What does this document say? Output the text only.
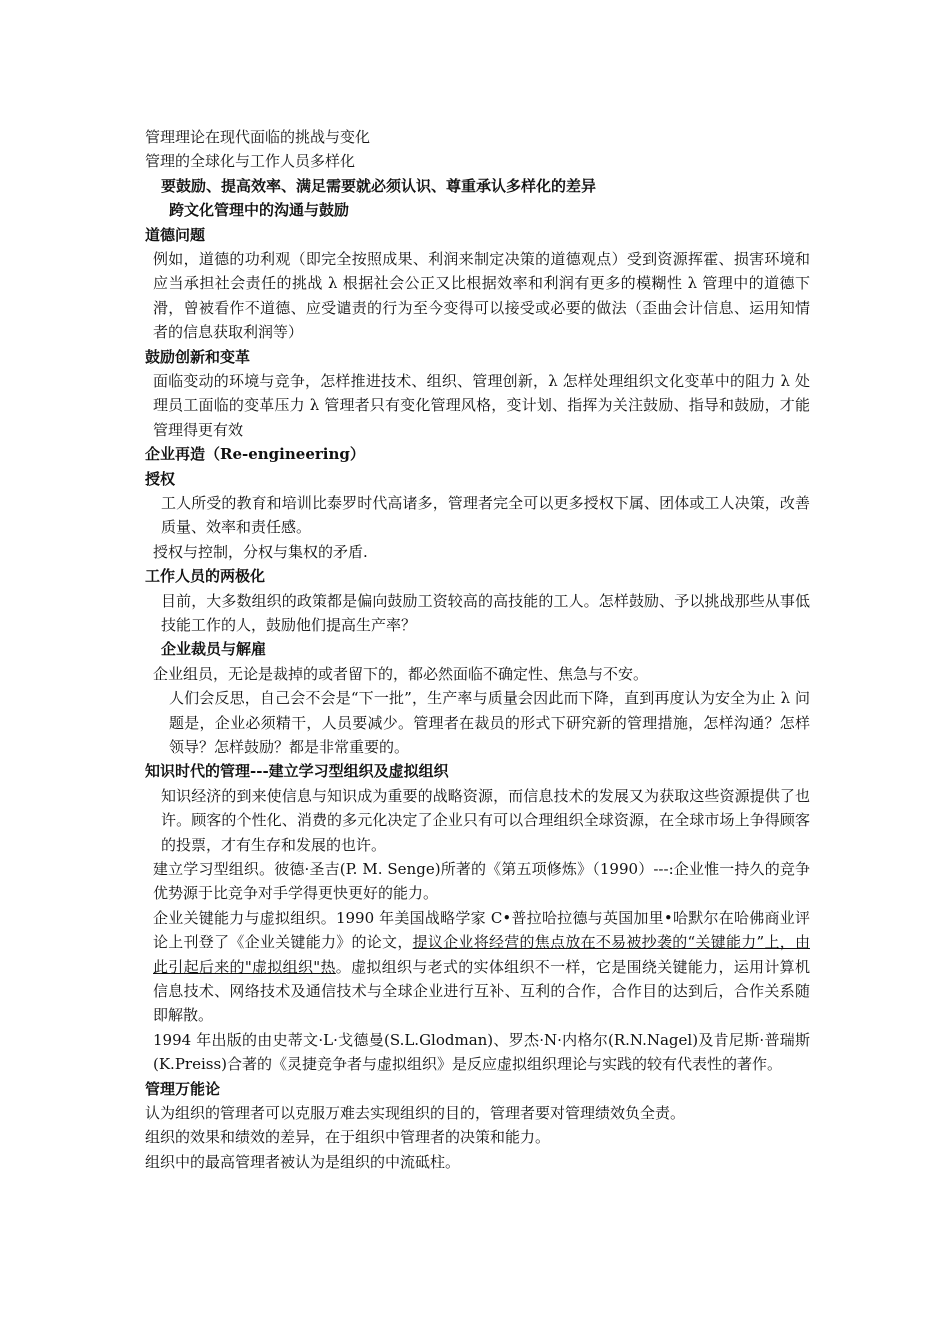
管理理论在现代面临的挑战与变化
管理的全球化与工作人员多样化
要鼓励、提高效率、满足需要就必须认识、尊重承认多样化的差异
跨文化管理中的沟通与鼓励
道德问题
例如，道德的功利观（即完全按照成果、利润来制定决策的道德观点）受到资源挥霍、损害环境和应当承担社会责任的挑战 λ 根据社会公正又比根据效率和利润有更多的模糊性 λ 管理中的道德下滑，曾被看作不道德、应受谴责的行为至今变得可以接受或必要的做法（歪曲会计信息、运用知情者的信息获取利润等）
鼓励创新和变革
面临变动的环境与竞争，怎样推进技术、组织、管理创新，λ 怎样处理组织文化变革中的阻力 λ 处理员工面临的变革压力 λ 管理者只有变化管理风格，变计划、指挥为关注鼓励、指导和鼓励，才能管理得更有效
企业再造（Re-engineering）
授权
工人所受的教育和培训比泰罗时代高诸多，管理者完全可以更多授权下属、团体或工人决策，改善质量、效率和责任感。
授权与控制，分权与集权的矛盾.
工作人员的两极化
目前，大多数组织的政策都是偏向鼓励工资较高的高技能的工人。怎样鼓励、予以挑战那些从事低技能工作的人，鼓励他们提高生产率？
企业裁员与解雇
企业组员，无论是裁掉的或者留下的，都必然面临不确定性、焦急与不安。
人们会反思，自己会不会是“下一批”，生产率与质量会因此而下降，直到再度认为安全为止 λ 问题是，企业必须精干，人员要减少。管理者在裁员的形式下研究新的管理措施，怎样沟通？怎样领导？怎样鼓励？都是非常重要的。
知识时代的管理---建立学习型组织及虚拟组织
知识经济的到来使信息与知识成为重要的战略资源，而信息技术的发展又为获取这些资源提供了也许。顾客的个性化、消费的多元化决定了企业只有可以合理组织全球资源，在全球市场上争得顾客的投票，才有生存和发展的也许。
建立学习型组织。彼德·圣吉(P. M. Senge)所著的《第五项修炼》（1990）---:企业惟一持久的竞争优势源于比竞争对手学得更快更好的能力。
企业关键能力与虚拟组织。1990 年美国战略学家 C•普拉哈拉德与英国加里•哈默尔在哈佛商业评论上刊登了《企业关键能力》的论文，提议企业将经营的焦点放在不易被抄袭的“关键能力”上，由此引起后来的"虚拟组织"热。虚拟组织与老式的实体组织不一样，它是围绕关键能力，运用计算机信息技术、网络技术及通信技术与全球企业进行互补、互利的合作，合作目的达到后，合作关系随即解散。
1994 年出版的由史蒂文·L·戈德曼(S.L.Glodman)、罗杰·N·内格尔(R.N.Nagel)及肯尼斯·普瑞斯(K.Preiss)合著的《灵捷竞争者与虚拟组织》是反应虚拟组织理论与实践的较有代表性的著作。
管理万能论
认为组织的管理者可以克服万难去实现组织的目的，管理者要对管理绩效负全责。
组织的效果和绩效的差异，在于组织中管理者的决策和能力。
组织中的最高管理者被认为是组织的中流砥柱。
